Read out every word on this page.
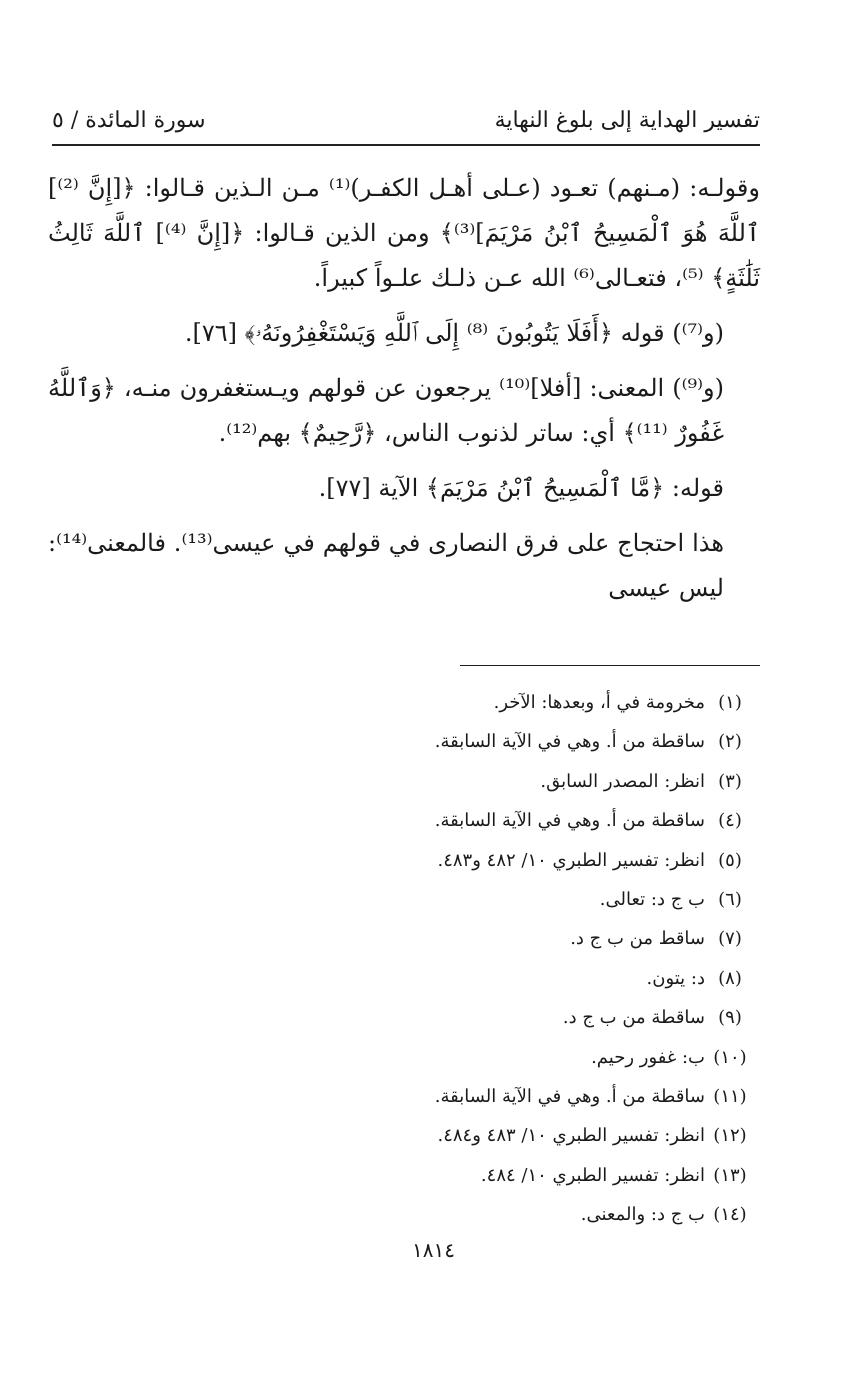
تفسير الهداية إلى بلوغ النهاية
سورة المائدة / ٥

وقولـه: (مـنهم) تعـود (عـلى أهـل الكفـر)⁽¹⁾ مـن الـذين قـالوا: ﴿[إِنَّ ⁽²⁾] ٱللَّهَ هُوَ ٱلْمَسِيحُ ٱبْنُ مَرْيَمَ]⁽³⁾﴾ ومن الذين قـالوا: ﴿[إِنَّ ⁽⁴⁾] ٱللَّهَ ثَالِثُ ثَلَٰثَةٍ﴾ ⁽⁵⁾، فتعـالى⁽⁶⁾ الله عـن ذلـك علـواً كبيراً.

(و⁽⁷⁾) قوله ﴿أَفَلَا يَتُوبُونَ ⁽⁸⁾ إِلَى ٱللَّهِ وَيَسْتَغْفِرُونَهُۥ﴾ [٧٦].

(و⁽⁹⁾) المعنى: [أفلا]⁽¹⁰⁾ يرجعون عن قولهم ويـستغفرون منـه، ﴿وَٱللَّهُ غَفُورٌ ⁽¹¹⁾﴾ أي: ساتر لذنوب الناس، ﴿رَّحِيمٌ﴾ بهم⁽¹²⁾.

قوله: ﴿مَّا ٱلْمَسِيحُ ٱبْنُ مَرْيَمَ﴾ الآية [٧٧].

هذا احتجاج على فرق النصارى في قولهم في عيسى⁽¹³⁾. فالمعنى⁽¹⁴⁾: ليس عيسى

(١)مخرومة في أ، وبعدها: الآخر.
(٢)ساقطة من أ. وهي في الآية السابقة.
(٣)انظر: المصدر السابق.
(٤)ساقطة من أ. وهي في الآية السابقة.
(٥)انظر: تفسير الطبري ١٠/ ٤٨٢ و٤٨٣.
(٦)ب ج د: تعالى.
(٧)ساقط من ب ج د.
(٨)د: يتون.
(٩)ساقطة من ب ج د.
(١٠)ب: غفور رحيم.
(١١)ساقطة من أ. وهي في الآية السابقة.
(١٢)انظر: تفسير الطبري ١٠/ ٤٨٣ و٤٨٤.
(١٣)انظر: تفسير الطبري ١٠/ ٤٨٤.
(١٤)ب ج د: والمعنى.
١٨١٤
